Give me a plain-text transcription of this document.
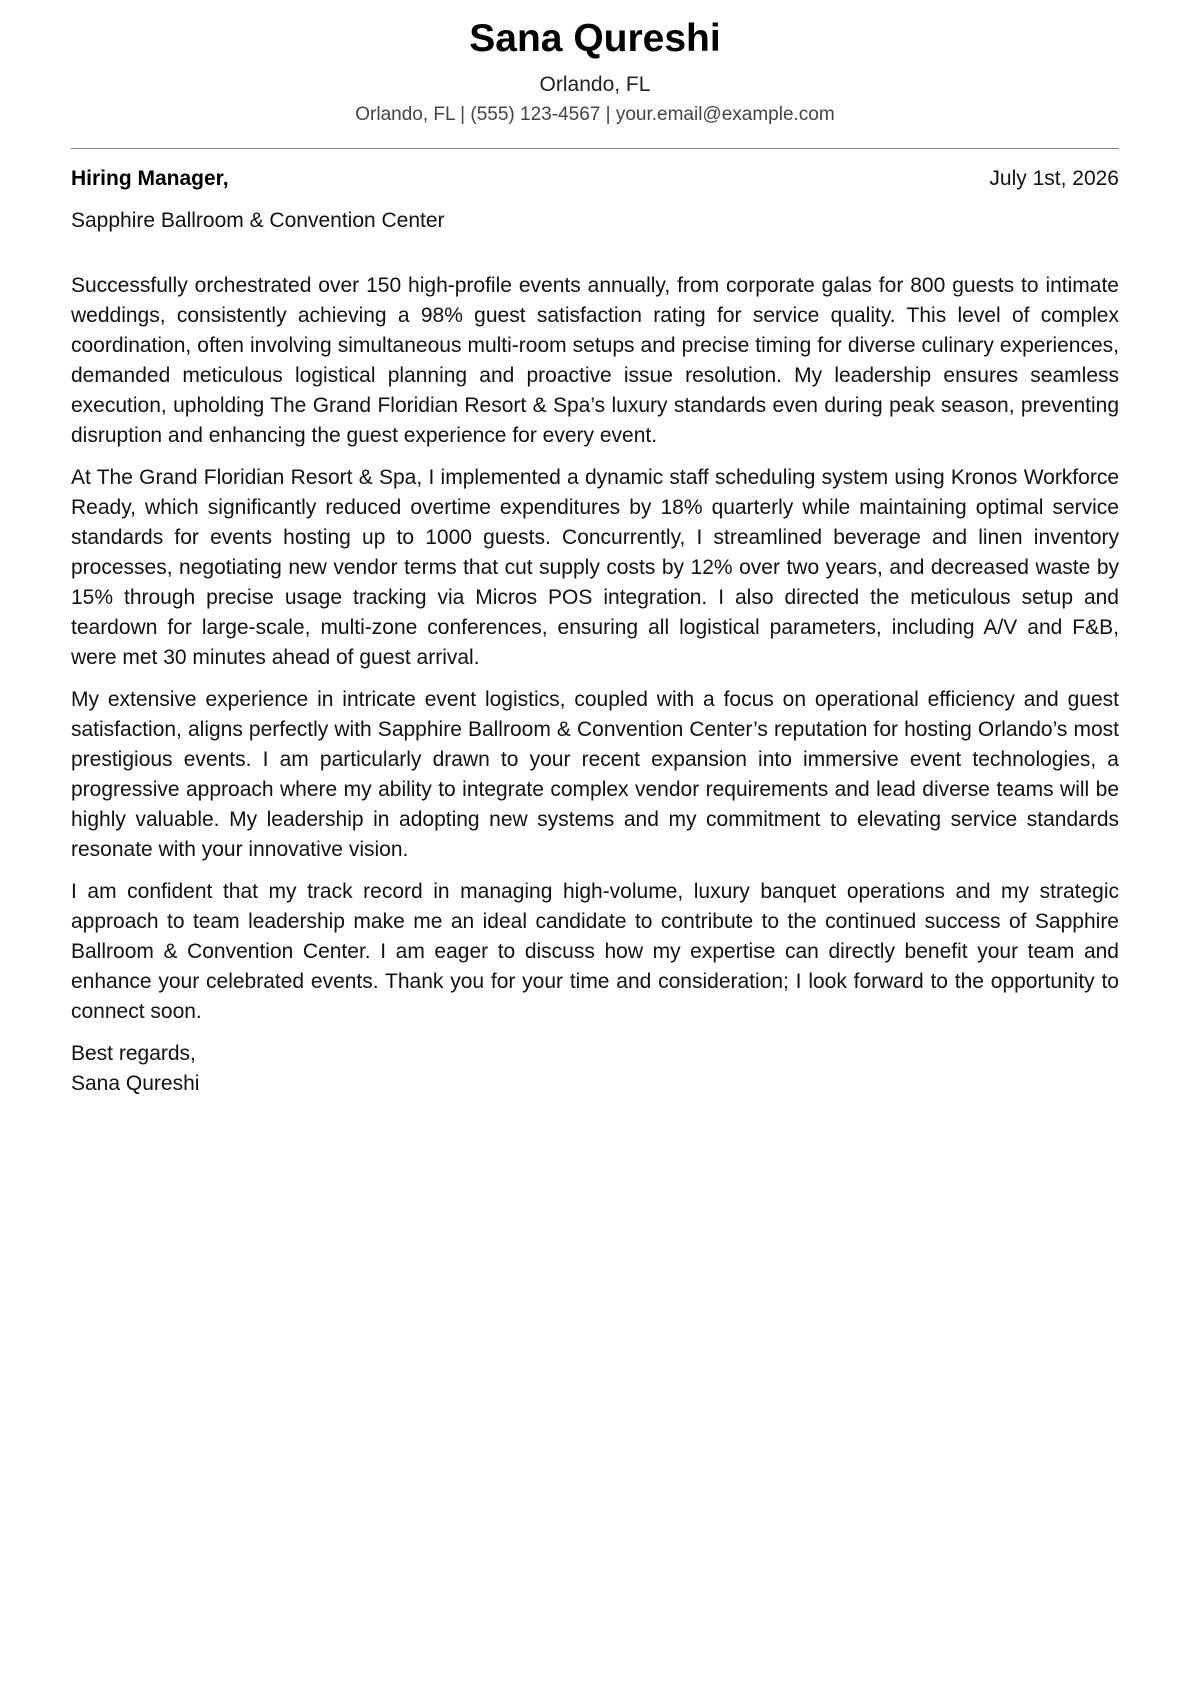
Sana Qureshi
Orlando, FL
Orlando, FL | (555) 123-4567 | your.email@example.com
Hiring Manager,	July 1st, 2026
Sapphire Ballroom & Convention Center

Successfully orchestrated over 150 high-profile events annually, from corporate galas for 800 guests to intimate weddings, consistently achieving a 98% guest satisfaction rating for service quality. This level of complex coordination, often involving simultaneous multi-room setups and precise timing for diverse culinary experiences, demanded meticulous logistical planning and proactive issue resolution. My leadership ensures seamless execution, upholding The Grand Floridian Resort & Spa’s luxury standards even during peak season, preventing disruption and enhancing the guest experience for every event.

At The Grand Floridian Resort & Spa, I implemented a dynamic staff scheduling system using Kronos Workforce Ready, which significantly reduced overtime expenditures by 18% quarterly while maintaining optimal service standards for events hosting up to 1000 guests. Concurrently, I streamlined beverage and linen inventory processes, negotiating new vendor terms that cut supply costs by 12% over two years, and decreased waste by 15% through precise usage tracking via Micros POS integration. I also directed the meticulous setup and teardown for large-scale, multi-zone conferences, ensuring all logistical parameters, including A/V and F&B, were met 30 minutes ahead of guest arrival.

My extensive experience in intricate event logistics, coupled with a focus on operational efficiency and guest satisfaction, aligns perfectly with Sapphire Ballroom & Convention Center’s reputation for hosting Orlando’s most prestigious events. I am particularly drawn to your recent expansion into immersive event technologies, a progressive approach where my ability to integrate complex vendor requirements and lead diverse teams will be highly valuable. My leadership in adopting new systems and my commitment to elevating service standards resonate with your innovative vision.

I am confident that my track record in managing high-volume, luxury banquet operations and my strategic approach to team leadership make me an ideal candidate to contribute to the continued success of Sapphire Ballroom & Convention Center. I am eager to discuss how my expertise can directly benefit your team and enhance your celebrated events. Thank you for your time and consideration; I look forward to the opportunity to connect soon.

Best regards,
Sana Qureshi
